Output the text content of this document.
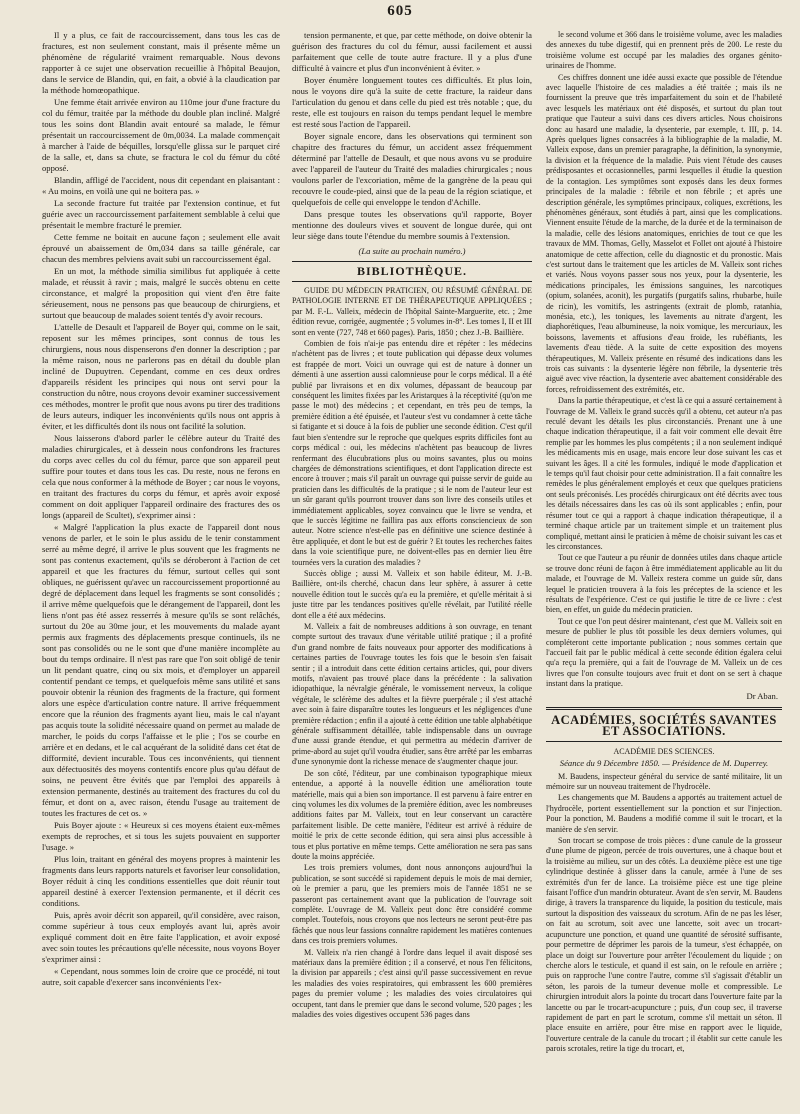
605

Il y a plus, ce fait de raccourcissement, dans tous les cas de fractures, est non seulement constant, mais il présente même un phénomène de régularité vraiment remarquable. Nous devons rapporter à ce sujet une observation recueillie à l'hôpital Beaujon, dans le service de Blandin, qui, en fait, a obvié à la claudication par la méthode homœopathique.

Une femme était arrivée environ au 110me jour d'une fracture du col du fémur, traitée par la méthode du double plan incliné. Malgré tous les soins dont Blandin avait entouré sa malade, le fémur présentait un raccourcissement de 0m,0034. La malade commençait à marcher à l'aide de béquilles, lorsqu'elle glissa sur le parquet ciré de la salle, et, dans sa chute, se fractura le col du fémur du côté opposé.

Blandin, affligé de l'accident, nous dit cependant en plaisantant : « Au moins, en voilà une qui ne boitera pas. »

La seconde fracture fut traitée par l'extension continue, et fut guérie avec un raccourcissement parfaitement semblable à celui que présentait le membre fracturé le premier.

Cette femme ne boitait en aucune façon ; seulement elle avait éprouvé un abaissement de 0m,034 dans sa taille générale, car chacun des membres pelviens avait subi un raccourcissement égal.

En un mot, la méthode similia similibus fut appliquée à cette malade, et réussit à ravir ; mais, malgré le succès obtenu en cette circonstance, et malgré la proposition qui vient d'en être faite sérieusement, nous ne pensons pas que beaucoup de chirurgiens, et surtout que beaucoup de malades soient tentés d'y avoir recours.

L'attelle de Desault et l'appareil de Boyer qui, comme on le sait, reposent sur les mêmes principes, sont connus de tous les chirurgiens, nous nous dispenserons d'en donner la description ; par la même raison, nous ne parlerons pas en détail du double plan incliné de Dupuytren. Cependant, comme en ces deux ordres d'appareils résident les principes qui nous ont servi pour la construction du nôtre, nous croyons devoir examiner successivement ces méthodes, montrer le profit que nous avons pu tirer des traditions de leurs auteurs, indiquer les inconvénients qu'ils nous ont appris à éviter, et les difficultés dont ils nous ont facilité la solution.

Nous laisserons d'abord parler le célèbre auteur du Traité des maladies chirurgicales, et à dessein nous confondrons les fractures du corps avec celles du col du fémur, parce que son appareil peut suffire pour toutes et dans tous les cas. Du reste, nous ne ferons en cela que nous conformer à la méthode de Boyer ; car nous le voyons, en traitant des fractures du corps du fémur, et après avoir exposé comment on doit appliquer l'appareil ordinaire des fractures des os longs (appareil de Scultet), s'exprimer ainsi :

« Malgré l'application la plus exacte de l'appareil dont nous venons de parler, et le soin le plus assidu de le tenir constamment serré au même degré, il arrive le plus souvent que les fragments ne sont pas contenus exactement, qu'ils se déroberont à l'action de cet appareil et que les fractures du fémur, surtout celles qui sont obliques, ne guérissent qu'avec un raccourcissement proportionné au degré de déplacement dans lequel les fragments se sont consolidés ; il arrive même quelquefois que le dérangement de l'appareil, dont les liens n'ont pas été assez resserrés à mesure qu'ils se sont relâchés, surtout du 20e au 30me jour, et les mouvements du malade ayant permis aux fragments des déplacements presque continuels, ils ne sont pas consolidés ou ne le sont que d'une manière incomplète au bout du temps ordinaire. Il n'est pas rare que l'on soit obligé de tenir un lit pendant quatre, cinq ou six mois, et d'employer un appareil contentif pendant ce temps, et quelquefois même sans utilité et sans pouvoir obtenir la réunion des fragments de la fracture, qui forment alors une espèce d'articulation contre nature. Il arrive fréquemment encore que la réunion des fragments ayant lieu, mais le cal n'ayant pas acquis toute la solidité nécessaire quand on permet au malade de marcher, le poids du corps l'affaisse et le plie ; l'os se courbe en arrière et en dedans, et le cal acquérant de la solidité dans cet état de difformité, devient incurable. Tous ces inconvénients, qui tiennent aux défectuosités des moyens contentifs encore plus qu'au défaut de soins, ne peuvent être évités que par l'emploi des appareils à extension permanente, destinés au traitement des fractures du col du fémur, et dont on a, avec raison, étendu l'usage au traitement de toutes les fractures de cet os. »

Puis Boyer ajoute : « Heureux si ces moyens étaient eux-mêmes exempts de reproches, et si tous les sujets pouvaient en supporter l'usage. »

Plus loin, traitant en général des moyens propres à maintenir les fragments dans leurs rapports naturels et favoriser leur consolidation, Boyer réduit à cinq les conditions essentielles que doit réunir tout appareil destiné à exercer l'extension permanente, et il décrit ces conditions.

Puis, après avoir décrit son appareil, qu'il considère, avec raison, comme supérieur à tous ceux employés avant lui, après avoir expliqué comment doit en être faite l'application, et avoir exposé avec soin toutes les précautions qu'elle nécessite, nous voyons Boyer s'exprimer ainsi :

« Cependant, nous sommes loin de croire que ce procédé, ni tout autre, soit capable d'exercer sans inconvénients l'ex-

tension permanente, et que, par cette méthode, on doive obtenir la guérison des fractures du col du fémur, aussi facilement et aussi parfaitement que celle de toute autre fracture. Il y a plus d'une difficulté à vaincre et plus d'un inconvénient à éviter. »

Boyer énumère longuement toutes ces difficultés. Et plus loin, nous le voyons dire qu'à la suite de cette fracture, la raideur dans l'articulation du genou et dans celle du pied est très notable ; que, du reste, elle est toujours en raison du temps pendant lequel le membre est resté sous l'action de l'appareil.

Boyer signale encore, dans les observations qui terminent son chapitre des fractures du fémur, un accident assez fréquemment déterminé par l'attelle de Desault, et que nous avons vu se produire avec l'appareil de l'auteur du Traité des maladies chirurgicales ; nous voulons parler de l'excoriation, même de la gangrène de la peau qui recouvre le coude-pied, ainsi que de la peau de la région sciatique, et quelquefois de celle qui enveloppe le tendon d'Achille.

Dans presque toutes les observations qu'il rapporte, Boyer mentionne des douleurs vives et souvent de longue durée, qui ont leur siège dans toute l'étendue du membre soumis à l'extension.

(La suite au prochain numéro.)
BIBLIOTHÈQUE.

GUIDE DU MÉDECIN PRATICIEN, OU RÉSUMÉ GÉNÉRAL DE PATHOLOGIE INTERNE ET DE THÉRAPEUTIQUE APPLIQUÉES ; par M. F.-L. Valleix, médecin de l'hôpital Sainte-Marguerite, etc. ; 2me édition revue, corrigée, augmentée ; 5 volumes in-8°. Les tomes I, II et III sont en vente (727, 748 et 660 pages). Paris, 1850 ; chez J.-B. Baillière.

Combien de fois n'ai-je pas entendu dire et répéter : les médecins n'achètent pas de livres ; et toute publication qui dépasse deux volumes est frappée de mort. Voici un ouvrage qui est de nature à donner un démenti à une assertion aussi calomnieuse pour le corps médical. Il a été publié par livraisons et en dix volumes, dépassant de beaucoup par conséquent les limites fixées par les Aristarques à la réceptivité (qu'on me passe le mot) des médecins ; et cependant, en très peu de temps, la première édition a été épuisée, et l'auteur s'est vu condamner à cette tâche si fatigante et si douce à la fois de publier une seconde édition. C'est qu'il faut bien s'entendre sur le reproche que quelques esprits difficiles font au corps médical : oui, les médecins n'achètent pas beaucoup de livres renfermant des élucubrations plus ou moins savantes, plus ou moins chargées de démonstrations scientifiques, et dont l'application directe est encore à trouver ; mais s'il paraît un ouvrage qui puisse servir de guide au praticien dans les difficultés de la pratique ; si le nom de l'auteur leur est un sûr garant qu'ils pourront trouver dans son livre des conseils utiles et immédiatement applicables, soyez convaincu que le livre se vendra, et que le succès légitime ne faillira pas aux efforts consciencieux de son auteur. Notre science n'est-elle pas en définitive une science destinée à être appliquée, et dont le but est de guérir ? Et toutes les recherches faites dans la voie scientifique pure, ne doivent-elles pas en dernier lieu être tournées vers la curation des maladies ?

Succès oblige ; aussi M. Valleix et son habile éditeur, M. J.-B. Baillière, ont-ils cherché, chacun dans leur sphère, à assurer à cette nouvelle édition tout le succès qu'a eu la première, et qu'elle méritait à si juste titre par les tendances positives qu'elle révélait, par l'utilité réelle dont elle a été aux médecins.

M. Valleix a fait de nombreuses additions à son ouvrage, en tenant compte surtout des travaux d'une véritable utilité pratique ; il a profité d'un grand nombre de faits nouveaux pour apporter des modifications à certaines parties de l'ouvrage toutes les fois que le besoin s'en faisait sentir ; il a introduit dans cette édition certains articles, qui, pour divers motifs, n'avaient pas trouvé place dans la précédente : la salivation idiopathique, la névralgie générale, le vomissement nerveux, la colique végétale, le sclérème des adultes et la fièvre puerpérale ; il s'est attaché avec soin à faire disparaître toutes les longueurs et les négligences d'une première rédaction ; enfin il a ajouté à cette édition une table alphabétique générale suffisamment détaillée, table indispensable dans un ouvrage d'une aussi grande étendue, et qui permettra au médecin d'arriver de prime-abord au sujet qu'il voudra étudier, sans être arrêté par les embarras d'une synonymie dont la richesse menace de s'augmenter chaque jour.

De son côté, l'éditeur, par une combinaison typographique mieux entendue, a apporté à la nouvelle édition une amélioration toute matérielle, mais qui a bien son importance. Il est parvenu à faire entrer en cinq volumes les dix volumes de la première édition, avec les nombreuses additions faites par M. Valleix, tout en leur conservant un caractère parfaitement lisible. De cette manière, l'éditeur est arrivé à réduire de moitié le prix de cette seconde édition, qui sera ainsi plus accessible à tous et plus portative en même temps. Cette amélioration ne sera pas sans doute la moins appréciée.

Les trois premiers volumes, dont nous annonçons aujourd'hui la publication, se sont succédé si rapidement depuis le mois de mai dernier, où le premier a paru, que les premiers mois de l'année 1851 ne se passeront pas certainement avant que la publication de l'ouvrage soit complète. L'ouvrage de M. Valleix peut donc être considéré comme complet. Toutefois, nous croyons que nos lecteurs ne seront peut-être pas fâchés que nous leur fassions connaître rapidement les matières contenues dans ces trois premiers volumes.

M. Valleix n'a rien changé à l'ordre dans lequel il avait disposé ses matériaux dans la première édition ; il a conservé, et nous l'en félicitons, la division par appareils ; c'est ainsi qu'il passe successivement en revue les maladies des voies respiratoires, qui embrassent les 600 premières pages du premier volume ; les maladies des voies circulatoires qui occupent, tant dans le premier que dans le second volume, 520 pages ; les maladies des voies digestives occupent 536 pages dans

le second volume et 366 dans le troisième volume, avec les maladies des annexes du tube digestif, qui en prennent près de 200. Le reste du troisième volume est occupé par les maladies des organes génito-urinaires de l'homme.

Ces chiffres donnent une idée aussi exacte que possible de l'étendue avec laquelle l'histoire de ces maladies a été traitée ; mais ils ne fournissent la preuve que très imparfaitement du soin et de l'habileté avec lesquels les matériaux ont été disposés, et surtout du plan tout pratique que l'auteur a suivi dans ces divers articles. Nous choisirons donc au hasard une maladie, la dysenterie, par exemple, t. III, p. 14. Après quelques lignes consacrées à la bibliographie de la maladie, M. Valleix expose, dans un premier paragraphe, la définition, la synonymie, la division et la fréquence de la maladie. Puis vient l'étude des causes prédisposantes et occasionnelles, parmi lesquelles il étudie la question de la contagion. Les symptômes sont exposés dans les deux formes principales de la maladie : fébrile et non fébrile ; et après une description générale, les symptômes principaux, coliques, excrétions, les phénomènes généraux, sont étudiés à part, ainsi que les complications. Viennent ensuite l'étude de la marche, de la durée et de la terminaison de la maladie, celle des lésions anatomiques, enrichies de tout ce que les travaux de MM. Thomas, Gelly, Masselot et Follet ont ajouté à l'histoire anatomique de cette affection, celle du diagnostic et du pronostic. Mais c'est surtout dans le traitement que les articles de M. Valleix sont riches et variés. Nous voyons passer sous nos yeux, pour la dysenterie, les médications principales, les émissions sanguines, les narcotiques (opium, solanées, aconit), les purgatifs (purgatifs salins, rhubarbe, huile de ricin), les vomitifs, les astringents (extrait de plomb, ratanhia, monésia, etc.), les toniques, les lavements au nitrate d'argent, les diaphorétiques, l'eau albumineuse, la noix vomique, les mercuriaux, les boissons, lavements et affusions d'eau froide, les rubéfiants, les lavements d'eau tiède. A la suite de cette exposition des moyens thérapeutiques, M. Valleix présente en résumé des indications dans les trois cas suivants : la dysenterie légère non fébrile, la dysenterie très aiguë avec vive réaction, la dysenterie avec abattement considérable des forces, refroidissement des extrémités, etc.

Dans la partie thérapeutique, et c'est là ce qui a assuré certainement à l'ouvrage de M. Valleix le grand succès qu'il a obtenu, cet auteur n'a pas reculé devant les détails les plus circonstanciés. Prenant une à une chaque indication thérapeutique, il a fait voir comment elle devait être remplie par les hommes les plus compétents ; il a non seulement indiqué les médicaments mis en usage, mais encore leur dose suivant les cas et suivant les âges. Il a cité les formules, indiqué le mode d'application et le temps qu'il faut choisir pour cette administration. Il a fait connaître les remèdes le plus généralement employés et ceux que quelques praticiens ont seuls préconisés. Les procédés chirurgicaux ont été décrits avec tous les détails nécessaires dans les cas où ils sont applicables ; enfin, pour résumer tout ce qui a rapport à chaque indication thérapeutique, il a terminé chaque article par un traitement simple et un traitement plus compliqué, mettant ainsi le praticien à même de choisir suivant les cas et les circonstances.

Tout ce que l'auteur a pu réunir de données utiles dans chaque article se trouve donc réuni de façon à être immédiatement applicable au lit du malade, et l'ouvrage de M. Valleix restera comme un guide sûr, dans lequel le praticien trouvera à la fois les préceptes de la science et les résultats de l'expérience. C'est ce qui justifie le titre de ce livre : c'est bien, en effet, un guide du médecin praticien.

Tout ce que l'on peut désirer maintenant, c'est que M. Valleix soit en mesure de publier le plus tôt possible les deux derniers volumes, qui compléteront cette importante publication ; nous sommes certain que l'accueil fait par le public médical à cette seconde édition égalera celui qu'a reçu la première, qui a fait de l'ouvrage de M. Valleix un de ces livres que l'on consulte toujours avec fruit et dont on se sert à chaque instant dans la pratique.

Dr Aban.
ACADÉMIES, SOCIÉTÉS SAVANTES ET ASSOCIATIONS.
ACADÉMIE DES SCIENCES.
Séance du 9 Décembre 1850. — Présidence de M. Duperrey.

M. Baudens, inspecteur général du service de santé militaire, lit un mémoire sur un nouveau traitement de l'hydrocèle.

Les changements que M. Baudens a apportés au traitement actuel de l'hydrocèle, portent essentiellement sur la ponction et sur l'injection. Pour la ponction, M. Baudens a modifié comme il suit le trocart, et la manière de s'en servir.

Son trocart se compose de trois pièces : d'une canule de la grosseur d'une plume de pigeon, percée de trois ouvertures, une à chaque bout et la troisième au milieu, sur un des côtés. La deuxième pièce est une tige cylindrique destinée à glisser dans la canule, armée à l'une de ses extrémités d'un fer de lance. La troisième pièce est une tige pleine faisant l'office d'un mandrin obturateur. Avant de s'en servir, M. Baudens dirige, à travers la transparence du liquide, la position du testicule, mais surtout la disposition des vaisseaux du scrotum. Afin de ne pas les léser, on fait au scrotum, soit avec une lancette, soit avec un trocart-acupuncture une ponction, et quand une quantité de sérosité suffisante, pour permettre de déprimer les parois de la tumeur, s'est échappée, on place un doigt sur l'ouverture pour arrêter l'écoulement du liquide ; on cherche alors le testicule, et quand il est sain, on le refoule en arrière ; puis on rapproche l'une contre l'autre, comme s'il s'agissait d'établir un séton, les parois de la tumeur devenue molle et compressible. Le chirurgien introduit alors la pointe du trocart dans l'ouverture faite par la lancette ou par le trocart-acupuncture ; puis, d'un coup sec, il traverse rapidement de part en part le scrotum, comme s'il mettait un séton. Il place ensuite en arrière, pour être mise en rapport avec le liquide, l'ouverture centrale de la canule du trocart ; il établit sur cette canule les parois scrotales, retire la tige du trocart, et,
